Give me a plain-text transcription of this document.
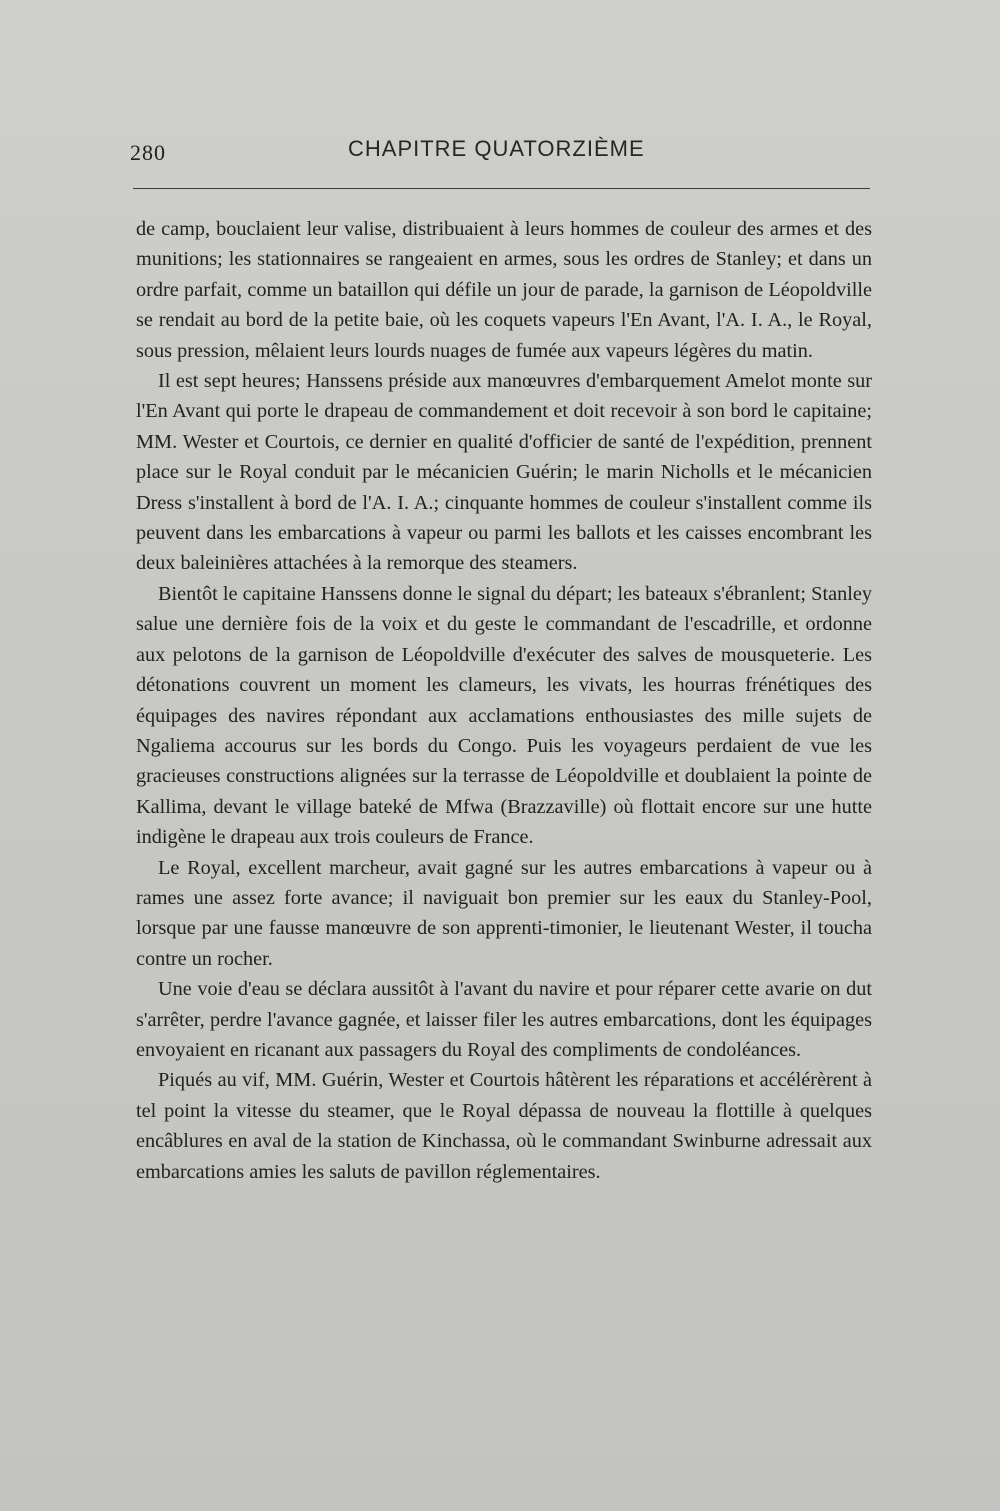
280	CHAPITRE QUATORZIÈME

de camp, bouclaient leur valise, distribuaient à leurs hommes de couleur des armes et des munitions; les stationnaires se rangeaient en armes, sous les ordres de Stanley; et dans un ordre parfait, comme un bataillon qui défile un jour de parade, la garnison de Léopoldville se rendait au bord de la petite baie, où les coquets vapeurs l'En Avant, l'A. I. A., le Royal, sous pression, mêlaient leurs lourds nuages de fumée aux vapeurs légères du matin.

Il est sept heures; Hanssens préside aux manœuvres d'embarquement Amelot monte sur l'En Avant qui porte le drapeau de commandement et doit recevoir à son bord le capitaine; MM. Wester et Courtois, ce dernier en qualité d'officier de santé de l'expédition, prennent place sur le Royal conduit par le mécanicien Guérin; le marin Nicholls et le mécanicien Dress s'installent à bord de l'A. I. A.; cinquante hommes de couleur s'installent comme ils peuvent dans les embarcations à vapeur ou parmi les ballots et les caisses encombrant les deux baleinières attachées à la remorque des steamers.

Bientôt le capitaine Hanssens donne le signal du départ; les bateaux s'ébranlent; Stanley salue une dernière fois de la voix et du geste le commandant de l'escadrille, et ordonne aux pelotons de la garnison de Léopoldville d'exécuter des salves de mousqueterie. Les détonations couvrent un moment les clameurs, les vivats, les hourras frénétiques des équipages des navires répondant aux acclamations enthousiastes des mille sujets de Ngaliema accourus sur les bords du Congo. Puis les voyageurs perdaient de vue les gracieuses constructions alignées sur la terrasse de Léopoldville et doublaient la pointe de Kallima, devant le village bateké de Mfwa (Brazzaville) où flottait encore sur une hutte indigène le drapeau aux trois couleurs de France.

Le Royal, excellent marcheur, avait gagné sur les autres embarcations à vapeur ou à rames une assez forte avance; il naviguait bon premier sur les eaux du Stanley-Pool, lorsque par une fausse manœuvre de son apprenti-timonier, le lieutenant Wester, il toucha contre un rocher.

Une voie d'eau se déclara aussitôt à l'avant du navire et pour réparer cette avarie on dut s'arrêter, perdre l'avance gagnée, et laisser filer les autres embarcations, dont les équipages envoyaient en ricanant aux passagers du Royal des compliments de condoléances.

Piqués au vif, MM. Guérin, Wester et Courtois hâtèrent les réparations et accélérèrent à tel point la vitesse du steamer, que le Royal dépassa de nouveau la flottille à quelques encâblures en aval de la station de Kinchassa, où le commandant Swinburne adressait aux embarcations amies les saluts de pavillon réglementaires.
